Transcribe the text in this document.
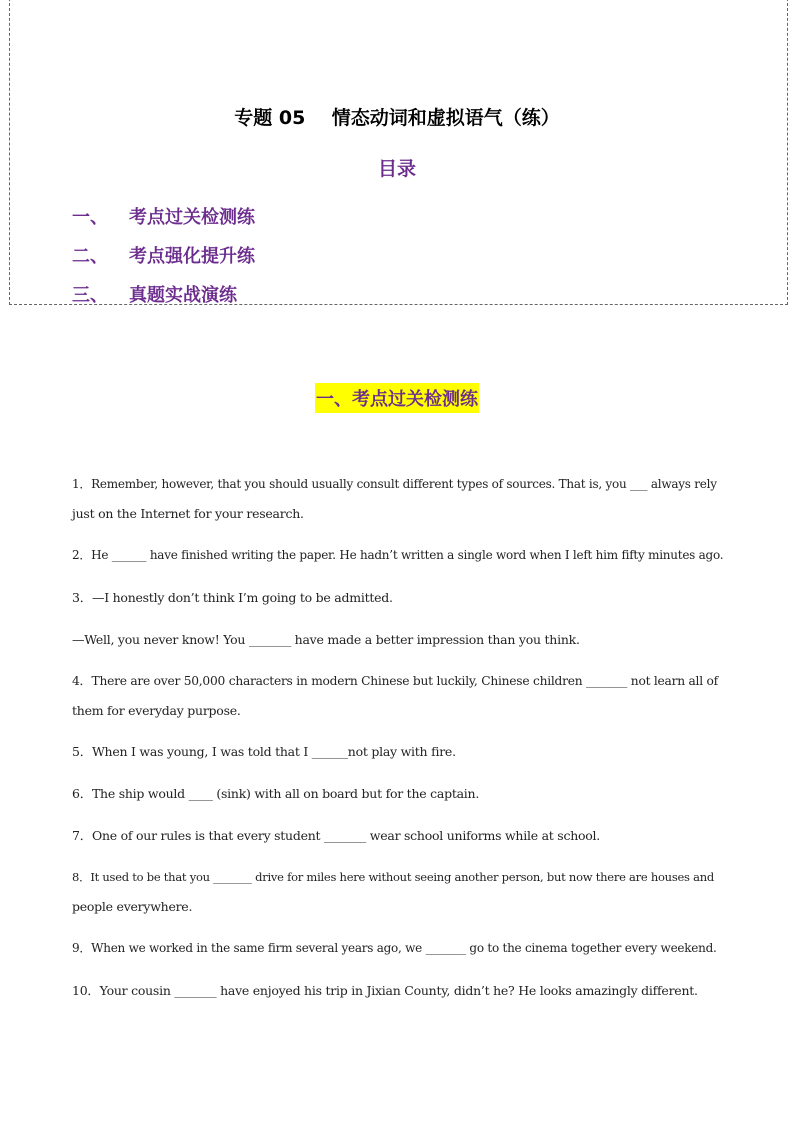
专题 05    情态动词和虚拟语气（练）
目录
一、 考点过关检测练
二、 考点强化提升练
三、 真题实战演练
一、考点过关检测练
1．Remember, however, that you should usually consult different types of sources. That is, you ___ always rely
just on the Internet for your research.
2．He ______ have finished writing the paper. He hadn’t written a single word when I left him fifty minutes ago.
3．—I honestly don’t think I’m going to be admitted.
—Well, you never know! You _______ have made a better impression than you think.
4．There are over 50,000 characters in modern Chinese but luckily, Chinese children _______ not learn all of
them for everyday purpose.
5．When I was young, I was told that I ______not play with fire.
6．The ship would ____ (sink) with all on board but for the captain.
7．One of our rules is that every student _______ wear school uniforms while at school.
8．It used to be that you _______ drive for miles here without seeing another person, but now there are houses and
people everywhere.
9．When we worked in the same firm several years ago, we _______ go to the cinema together every weekend.
10．Your cousin _______ have enjoyed his trip in Jixian County, didn’t he? He looks amazingly different.
